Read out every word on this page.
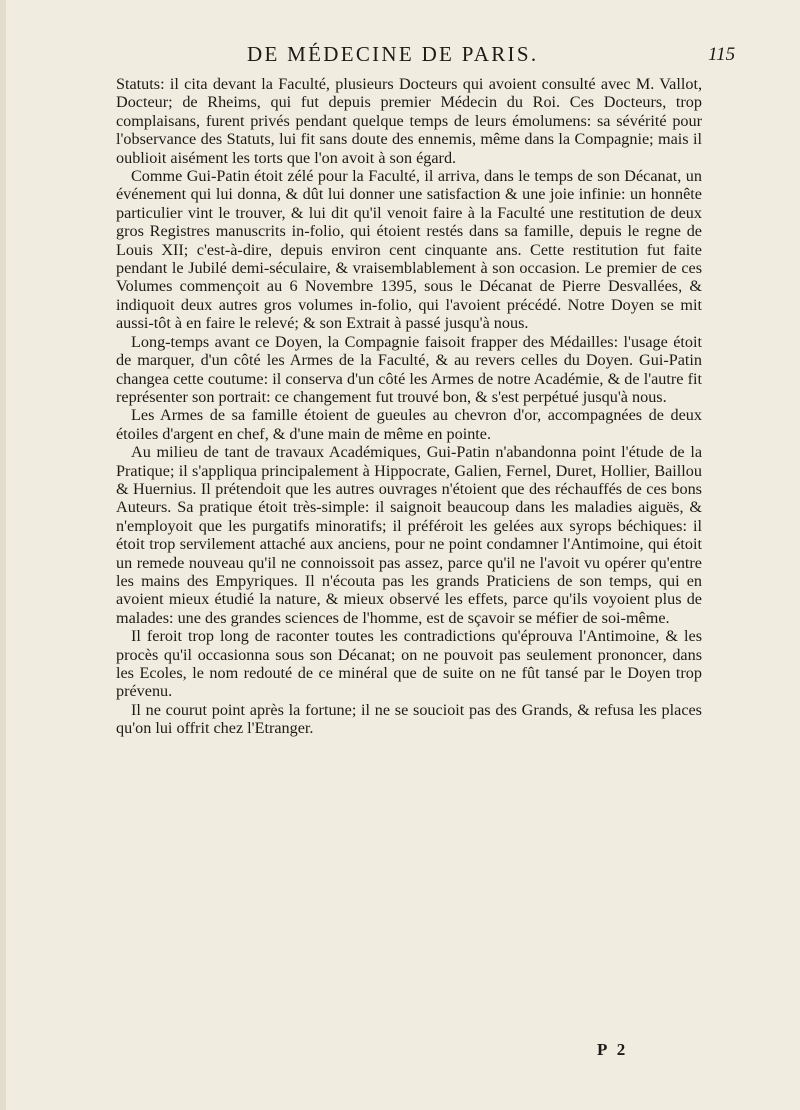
DE MÉDECINE DE PARIS.	115

Statuts: il cita devant la Faculté, plusieurs Docteurs qui avoient consulté avec M. Vallot, Docteur; de Rheims, qui fut depuis premier Médecin du Roi. Ces Docteurs, trop complaisans, furent privés pendant quelque temps de leurs émolumens: sa sévérité pour l'observance des Statuts, lui fit sans doute des ennemis, même dans la Compagnie; mais il oublioit aisément les torts que l'on avoit à son égard.

Comme Gui-Patin étoit zélé pour la Faculté, il arriva, dans le temps de son Décanat, un événement qui lui donna, & dût lui donner une satisfaction & une joie infinie: un honnête particulier vint le trouver, & lui dit qu'il venoit faire à la Faculté une restitution de deux gros Registres manuscrits in-folio, qui étoient restés dans sa famille, depuis le regne de Louis XII; c'est-à-dire, depuis environ cent cinquante ans. Cette restitution fut faite pendant le Jubilé demi-séculaire, & vraisemblablement à son occasion. Le premier de ces Volumes commençoit au 6 Novembre 1395, sous le Décanat de Pierre Desvallées, & indiquoit deux autres gros volumes in-folio, qui l'avoient précédé. Notre Doyen se mit aussi-tôt à en faire le relevé; & son Extrait à passé jusqu'à nous.

Long-temps avant ce Doyen, la Compagnie faisoit frapper des Médailles: l'usage étoit de marquer, d'un côté les Armes de la Faculté, & au revers celles du Doyen. Gui-Patin changea cette coutume: il conserva d'un côté les Armes de notre Académie, & de l'autre fit représenter son portrait: ce changement fut trouvé bon, & s'est perpétué jusqu'à nous.

Les Armes de sa famille étoient de gueules au chevron d'or, accompagnées de deux étoiles d'argent en chef, & d'une main de même en pointe.

Au milieu de tant de travaux Académiques, Gui-Patin n'abandonna point l'étude de la Pratique; il s'appliqua principalement à Hippocrate, Galien, Fernel, Duret, Hollier, Baillou & Huernius. Il prétendoit que les autres ouvrages n'étoient que des réchauffés de ces bons Auteurs. Sa pratique étoit très-simple: il saignoit beaucoup dans les maladies aiguës, & n'employoit que les purgatifs minoratifs; il préféroit les gelées aux syrops béchiques: il étoit trop servilement attaché aux anciens, pour ne point condamner l'Antimoine, qui étoit un remede nouveau qu'il ne connoissoit pas assez, parce qu'il ne l'avoit vu opérer qu'entre les mains des Empyriques. Il n'écouta pas les grands Praticiens de son temps, qui en avoient mieux étudié la nature, & mieux observé les effets, parce qu'ils voyoient plus de malades: une des grandes sciences de l'homme, est de sçavoir se méfier de soi-même.

Il feroit trop long de raconter toutes les contradictions qu'éprouva l'Antimoine, & les procès qu'il occasionna sous son Décanat; on ne pouvoit pas seulement prononcer, dans les Ecoles, le nom redouté de ce minéral que de suite on ne fût tansé par le Doyen trop prévenu.

Il ne courut point après la fortune; il ne se soucioit pas des Grands, & refusa les places qu'on lui offrit chez l'Etranger.

P 2
